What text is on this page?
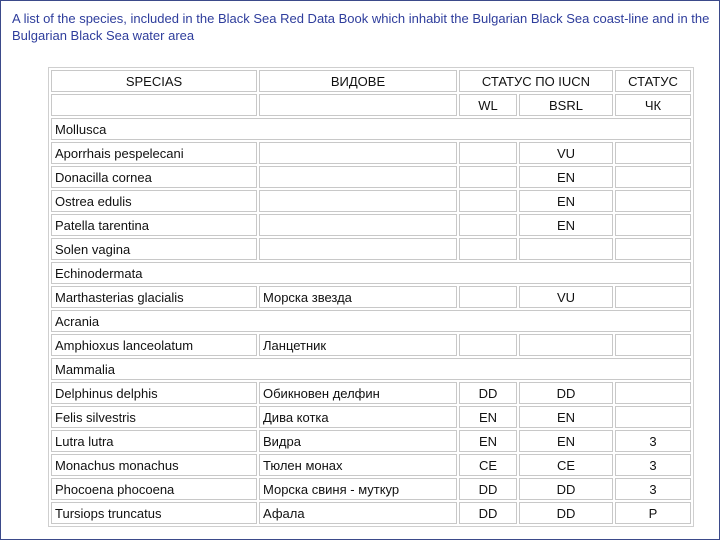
A list of the species, included in the Black Sea Red Data Book which inhabit the Bulgarian Black Sea coast-line and in the Bulgarian Black Sea water area
SPECIAS	ВИДОВЕ	СТАТУС ПО IUCN		СТАТУС
		WL	BSRL	ЧК
Mollusca				
Aporrhais pespelecani			VU	
Donacilla cornea			EN	
Ostrea edulis			EN	
Patella tarentina			EN	
Solen vagina				
Echinodermata				
Marthasterias glacialis	Морска звезда		VU	
Acrania				
Amphioxus lanceolatum	Ланцетник			
Mammalia				
Delphinus delphis	Обикновен делфин	DD	DD	
Felis silvestris	Дива котка	EN	EN	
Lutra lutra	Видра	EN	EN	3
Monachus monachus	Тюлен монах	CE	CE	3
Phocoena phocoena	Морска свиня - муткур	DD	DD	3
Tursiops truncatus	Афала	DD	DD	Р
